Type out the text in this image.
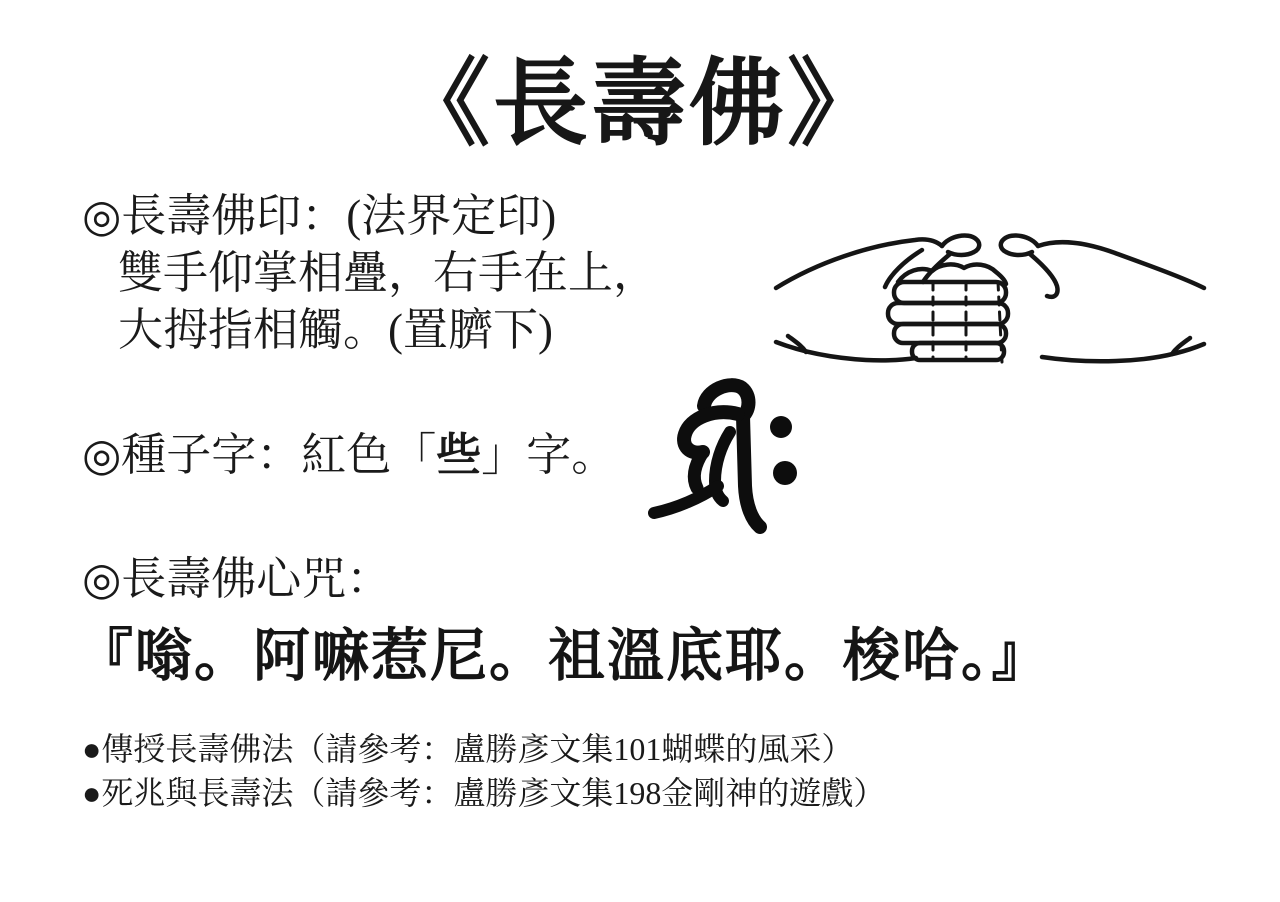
《長壽佛》
◎長壽佛印：(法界定印)
雙手仰掌相疊，右手在上，
大拇指相觸。(置臍下)
◎種子字：紅色「些」字。
◎長壽佛心咒：
『嗡。阿嘛惹尼。祖溫底耶。梭哈。』
●傳授長壽佛法（請參考：盧勝彥文集101蝴蝶的風采）
●死兆與長壽法（請參考：盧勝彥文集198金剛神的遊戲）
